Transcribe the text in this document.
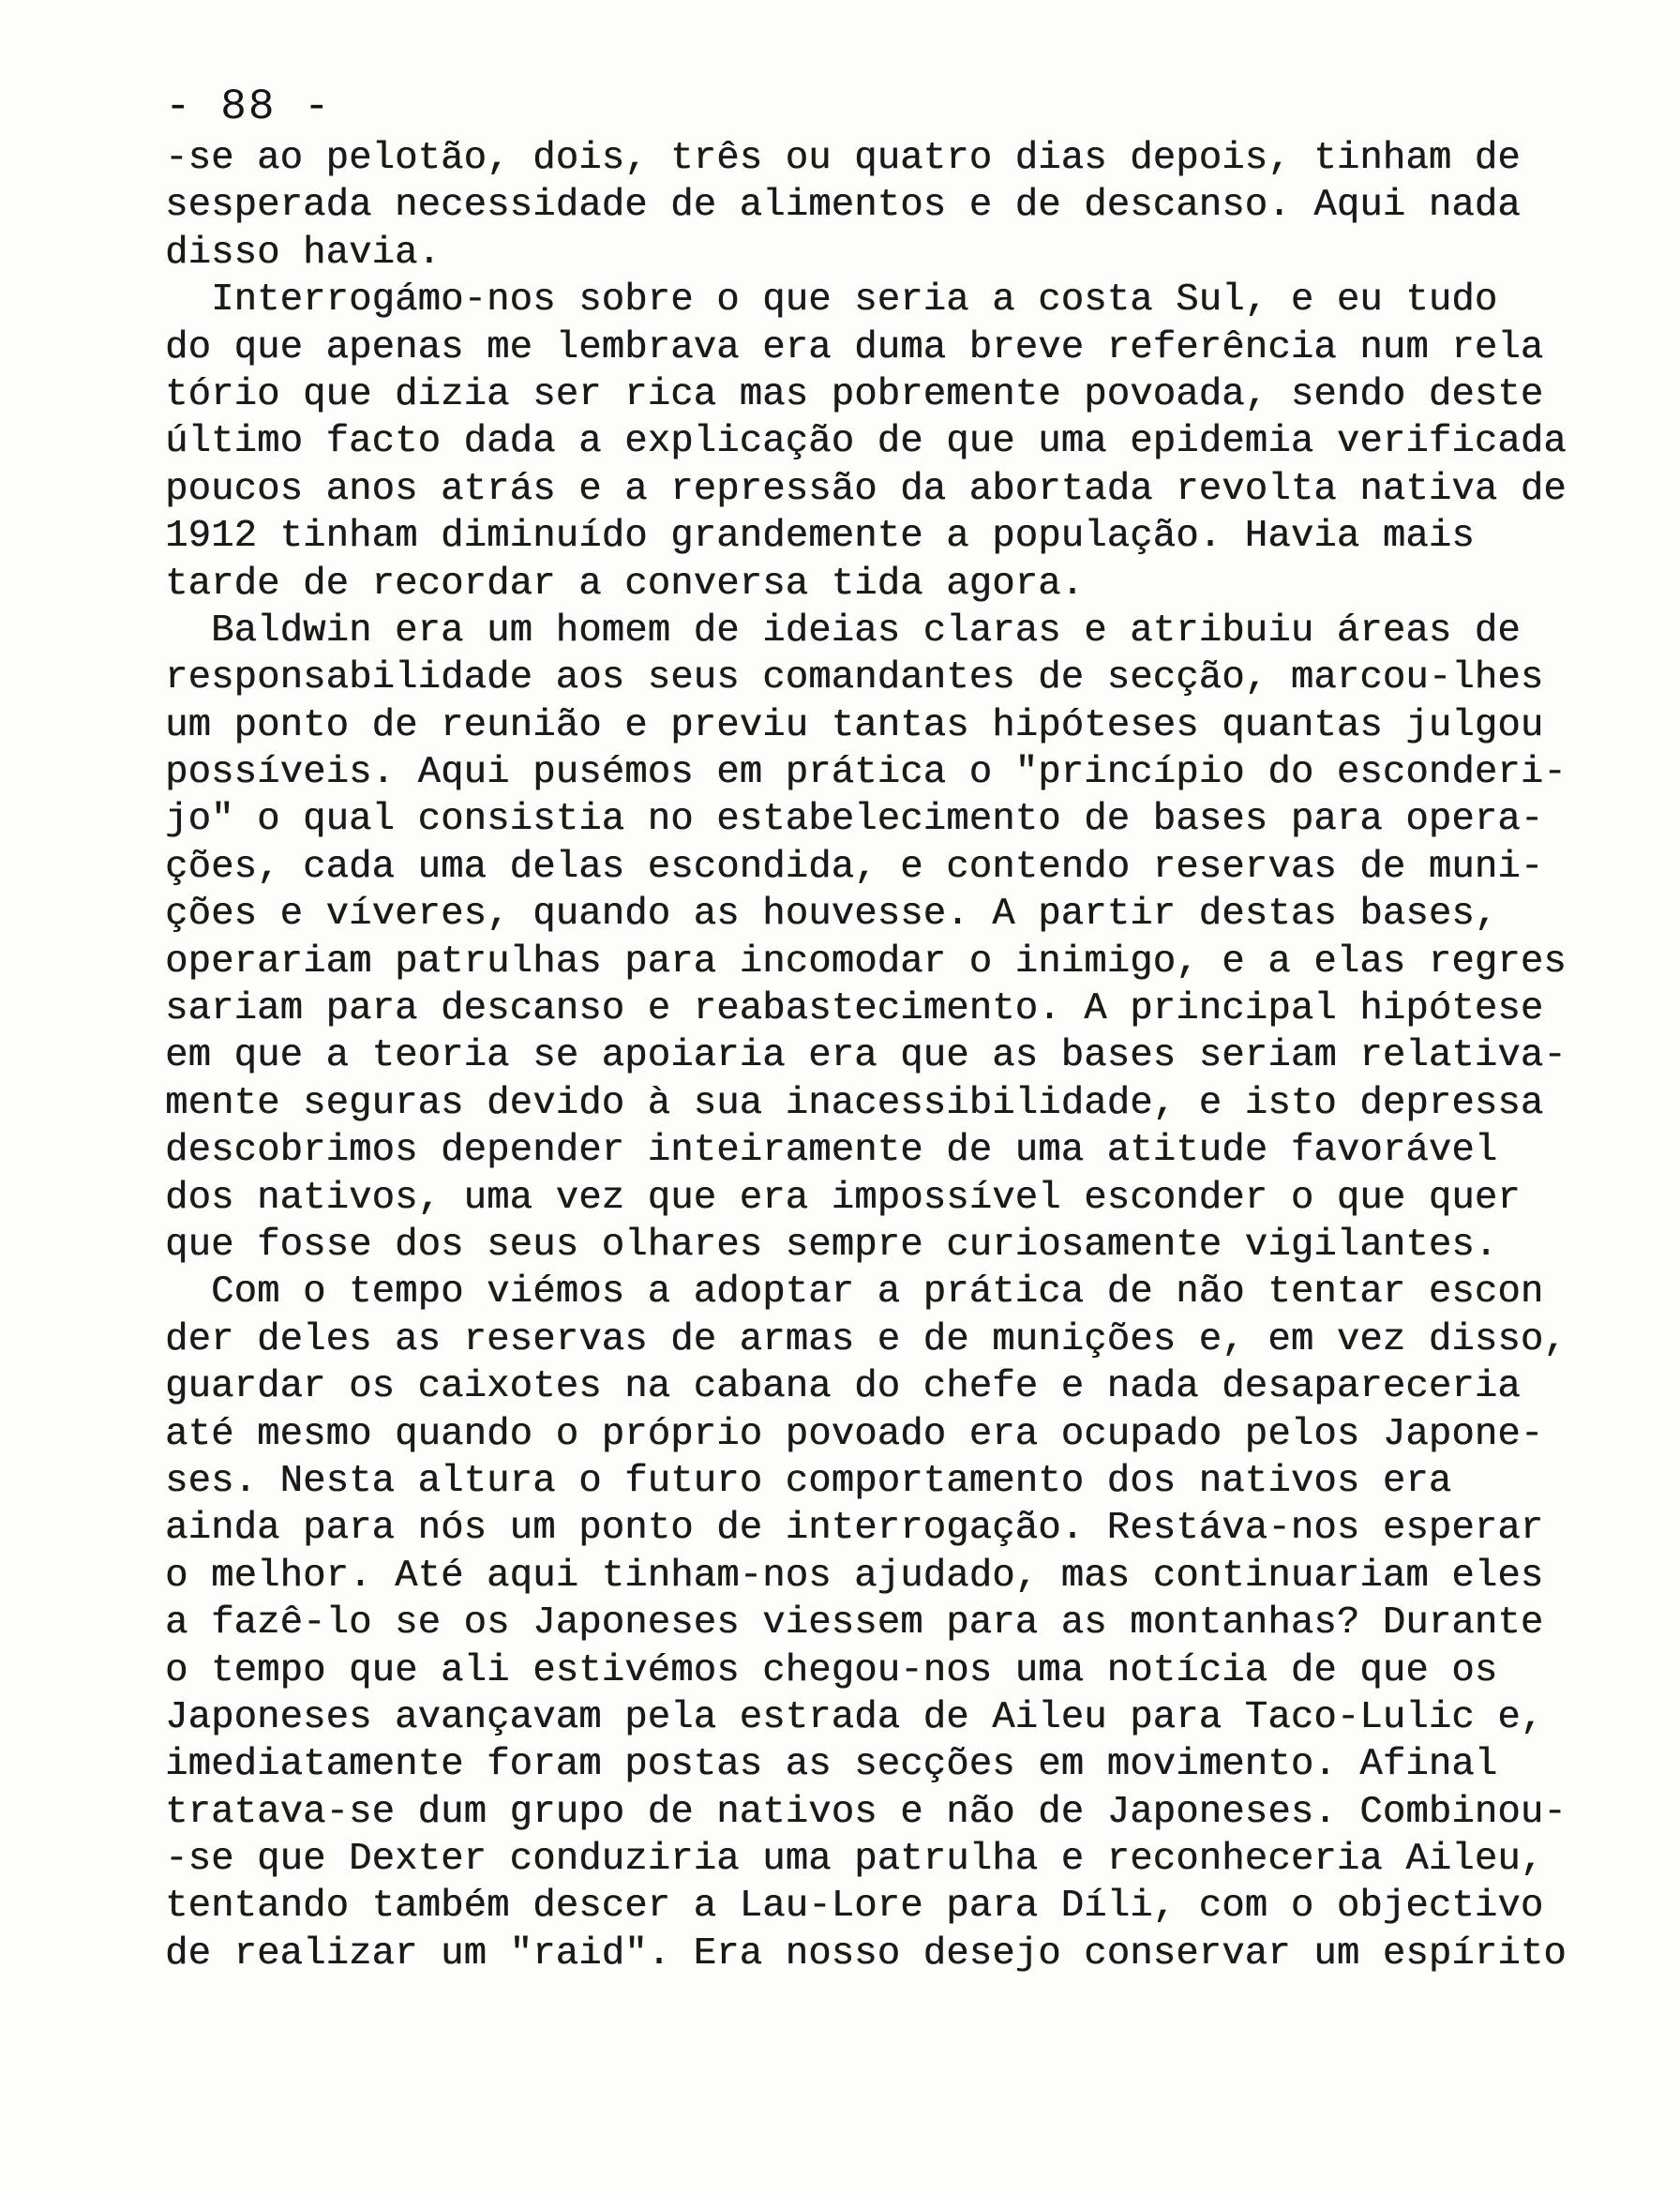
- 88 -
-se ao pelotão, dois, três ou quatro dias depois, tinham de
sesperada necessidade de alimentos e de descanso. Aqui nada
disso havia.
Interrogámo-nos sobre o que seria a costa Sul, e eu tudo
do que apenas me lembrava era duma breve referência num rela
tório que dizia ser rica mas pobremente povoada, sendo deste
último facto dada a explicação de que uma epidemia verificada
poucos anos atrás e a repressão da abortada revolta nativa de
1912 tinham diminuído grandemente a população. Havia mais
tarde de recordar a conversa tida agora.
Baldwin era um homem de ideias claras e atribuiu áreas de
responsabilidade aos seus comandantes de secção, marcou-lhes
um ponto de reunião e previu tantas hipóteses quantas julgou
possíveis. Aqui pusémos em prática o "princípio do esconderi-
jo" o qual consistia no estabelecimento de bases para opera-
ções, cada uma delas escondida, e contendo reservas de muni-
ções e víveres, quando as houvesse. A partir destas bases,
operariam patrulhas para incomodar o inimigo, e a elas regres
sariam para descanso e reabastecimento. A principal hipótese
em que a teoria se apoiaria era que as bases seriam relativa-
mente seguras devido à sua inacessibilidade, e isto depressa
descobrimos depender inteiramente de uma atitude favorável
dos nativos, uma vez que era impossível esconder o que quer
que fosse dos seus olhares sempre curiosamente vigilantes.
Com o tempo viémos a adoptar a prática de não tentar escon
der deles as reservas de armas e de munições e, em vez disso,
guardar os caixotes na cabana do chefe e nada desapareceria
até mesmo quando o próprio povoado era ocupado pelos Japone-
ses. Nesta altura o futuro comportamento dos nativos era
ainda para nós um ponto de interrogação. Restáva-nos esperar
o melhor. Até aqui tinham-nos ajudado, mas continuariam eles
a fazê-lo se os Japoneses viessem para as montanhas? Durante
o tempo que ali estivémos chegou-nos uma notícia de que os
Japoneses avançavam pela estrada de Aileu para Taco-Lulic e,
imediatamente foram postas as secções em movimento. Afinal
tratava-se dum grupo de nativos e não de Japoneses. Combinou-
-se que Dexter conduziria uma patrulha e reconheceria Aileu,
tentando também descer a Lau-Lore para Díli, com o objectivo
de realizar um "raid". Era nosso desejo conservar um espírito
